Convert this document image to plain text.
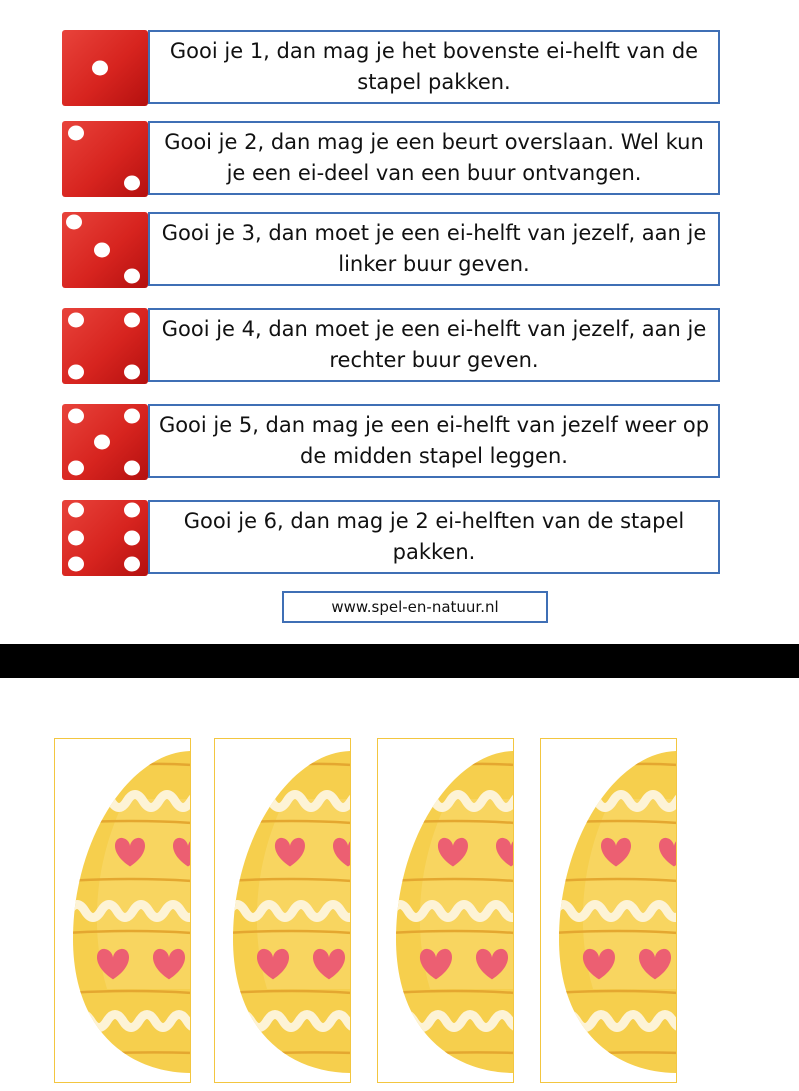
Gooi je 1, dan mag je het bovenste ei-helft van de stapel pakken.
Gooi je 2, dan mag je een beurt overslaan. Wel kun je een ei-deel van een buur ontvangen.
Gooi je 3, dan moet je een ei-helft van jezelf, aan je linker buur geven.
Gooi je 4, dan moet je een ei-helft van jezelf, aan je rechter buur geven.
Gooi je 5, dan mag je een ei-helft van jezelf weer op de midden stapel leggen.
Gooi je 6, dan mag je 2 ei-helften van de stapel pakken.
www.spel-en-natuur.nl
